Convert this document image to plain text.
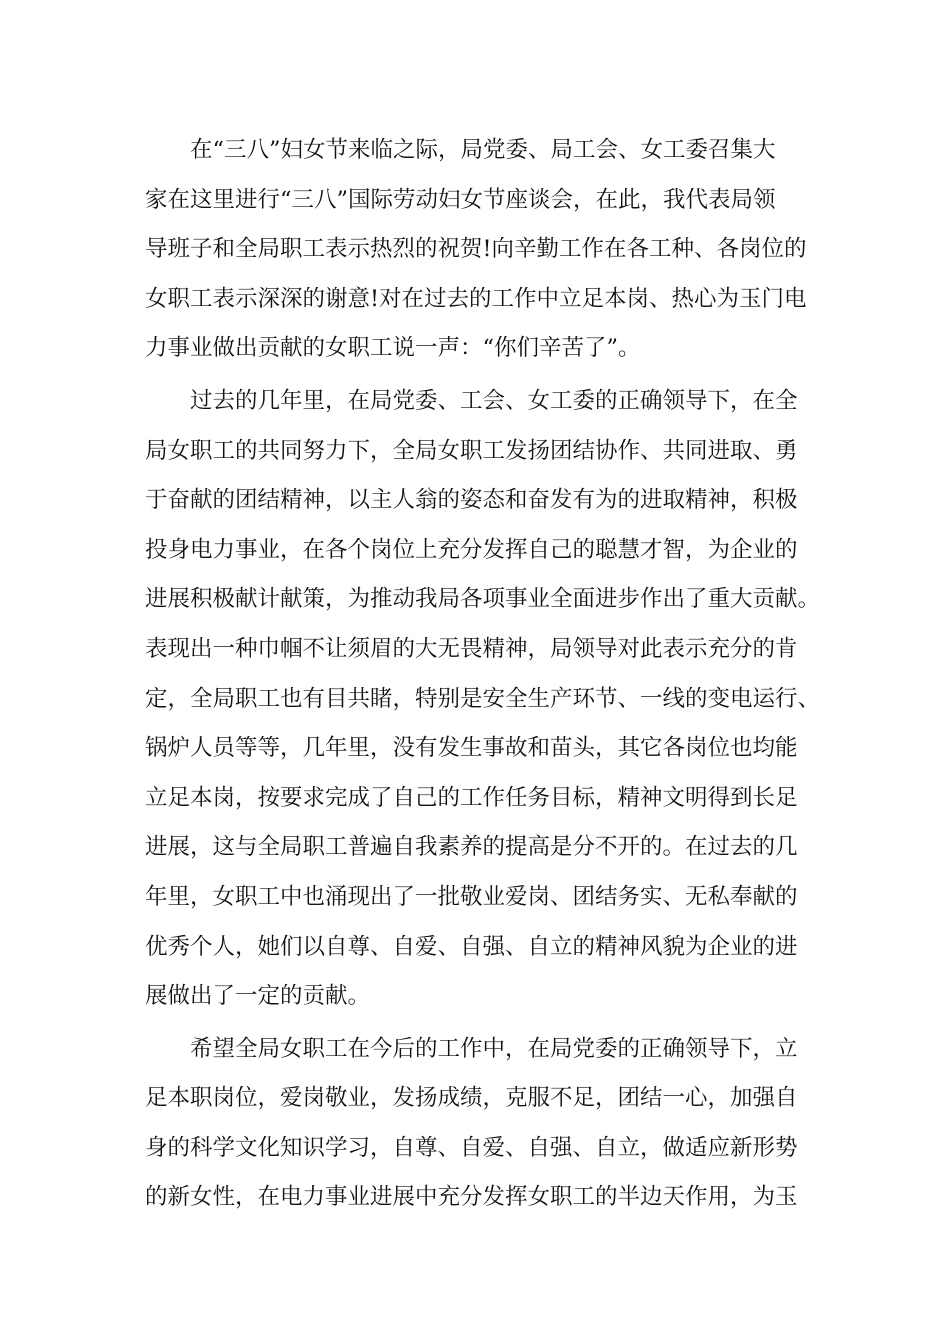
在“三八”妇女节来临之际，局党委、局工会、女工委召集大
家在这里进行“三八”国际劳动妇女节座谈会，在此，我代表局领
导班子和全局职工表示热烈的祝贺!向辛勤工作在各工种、各岗位的
女职工表示深深的谢意!对在过去的工作中立足本岗、热心为玉门电
力事业做出贡献的女职工说一声：“你们辛苦了”。
过去的几年里，在局党委、工会、女工委的正确领导下，在全
局女职工的共同努力下，全局女职工发扬团结协作、共同进取、勇
于奋献的团结精神，以主人翁的姿态和奋发有为的进取精神，积极
投身电力事业，在各个岗位上充分发挥自己的聪慧才智，为企业的
进展积极献计献策，为推动我局各项事业全面进步作出了重大贡献。
表现出一种巾帼不让须眉的大无畏精神，局领导对此表示充分的肯
定，全局职工也有目共睹，特别是安全生产环节、一线的变电运行、
锅炉人员等等，几年里，没有发生事故和苗头，其它各岗位也均能
立足本岗，按要求完成了自己的工作任务目标，精神文明得到长足
进展，这与全局职工普遍自我素养的提高是分不开的。在过去的几
年里，女职工中也涌现出了一批敬业爱岗、团结务实、无私奉献的
优秀个人，她们以自尊、自爱、自强、自立的精神风貌为企业的进
展做出了一定的贡献。
希望全局女职工在今后的工作中，在局党委的正确领导下，立
足本职岗位，爱岗敬业，发扬成绩，克服不足，团结一心，加强自
身的科学文化知识学习，自尊、自爱、自强、自立，做适应新形势
的新女性，在电力事业进展中充分发挥女职工的半边天作用，为玉
